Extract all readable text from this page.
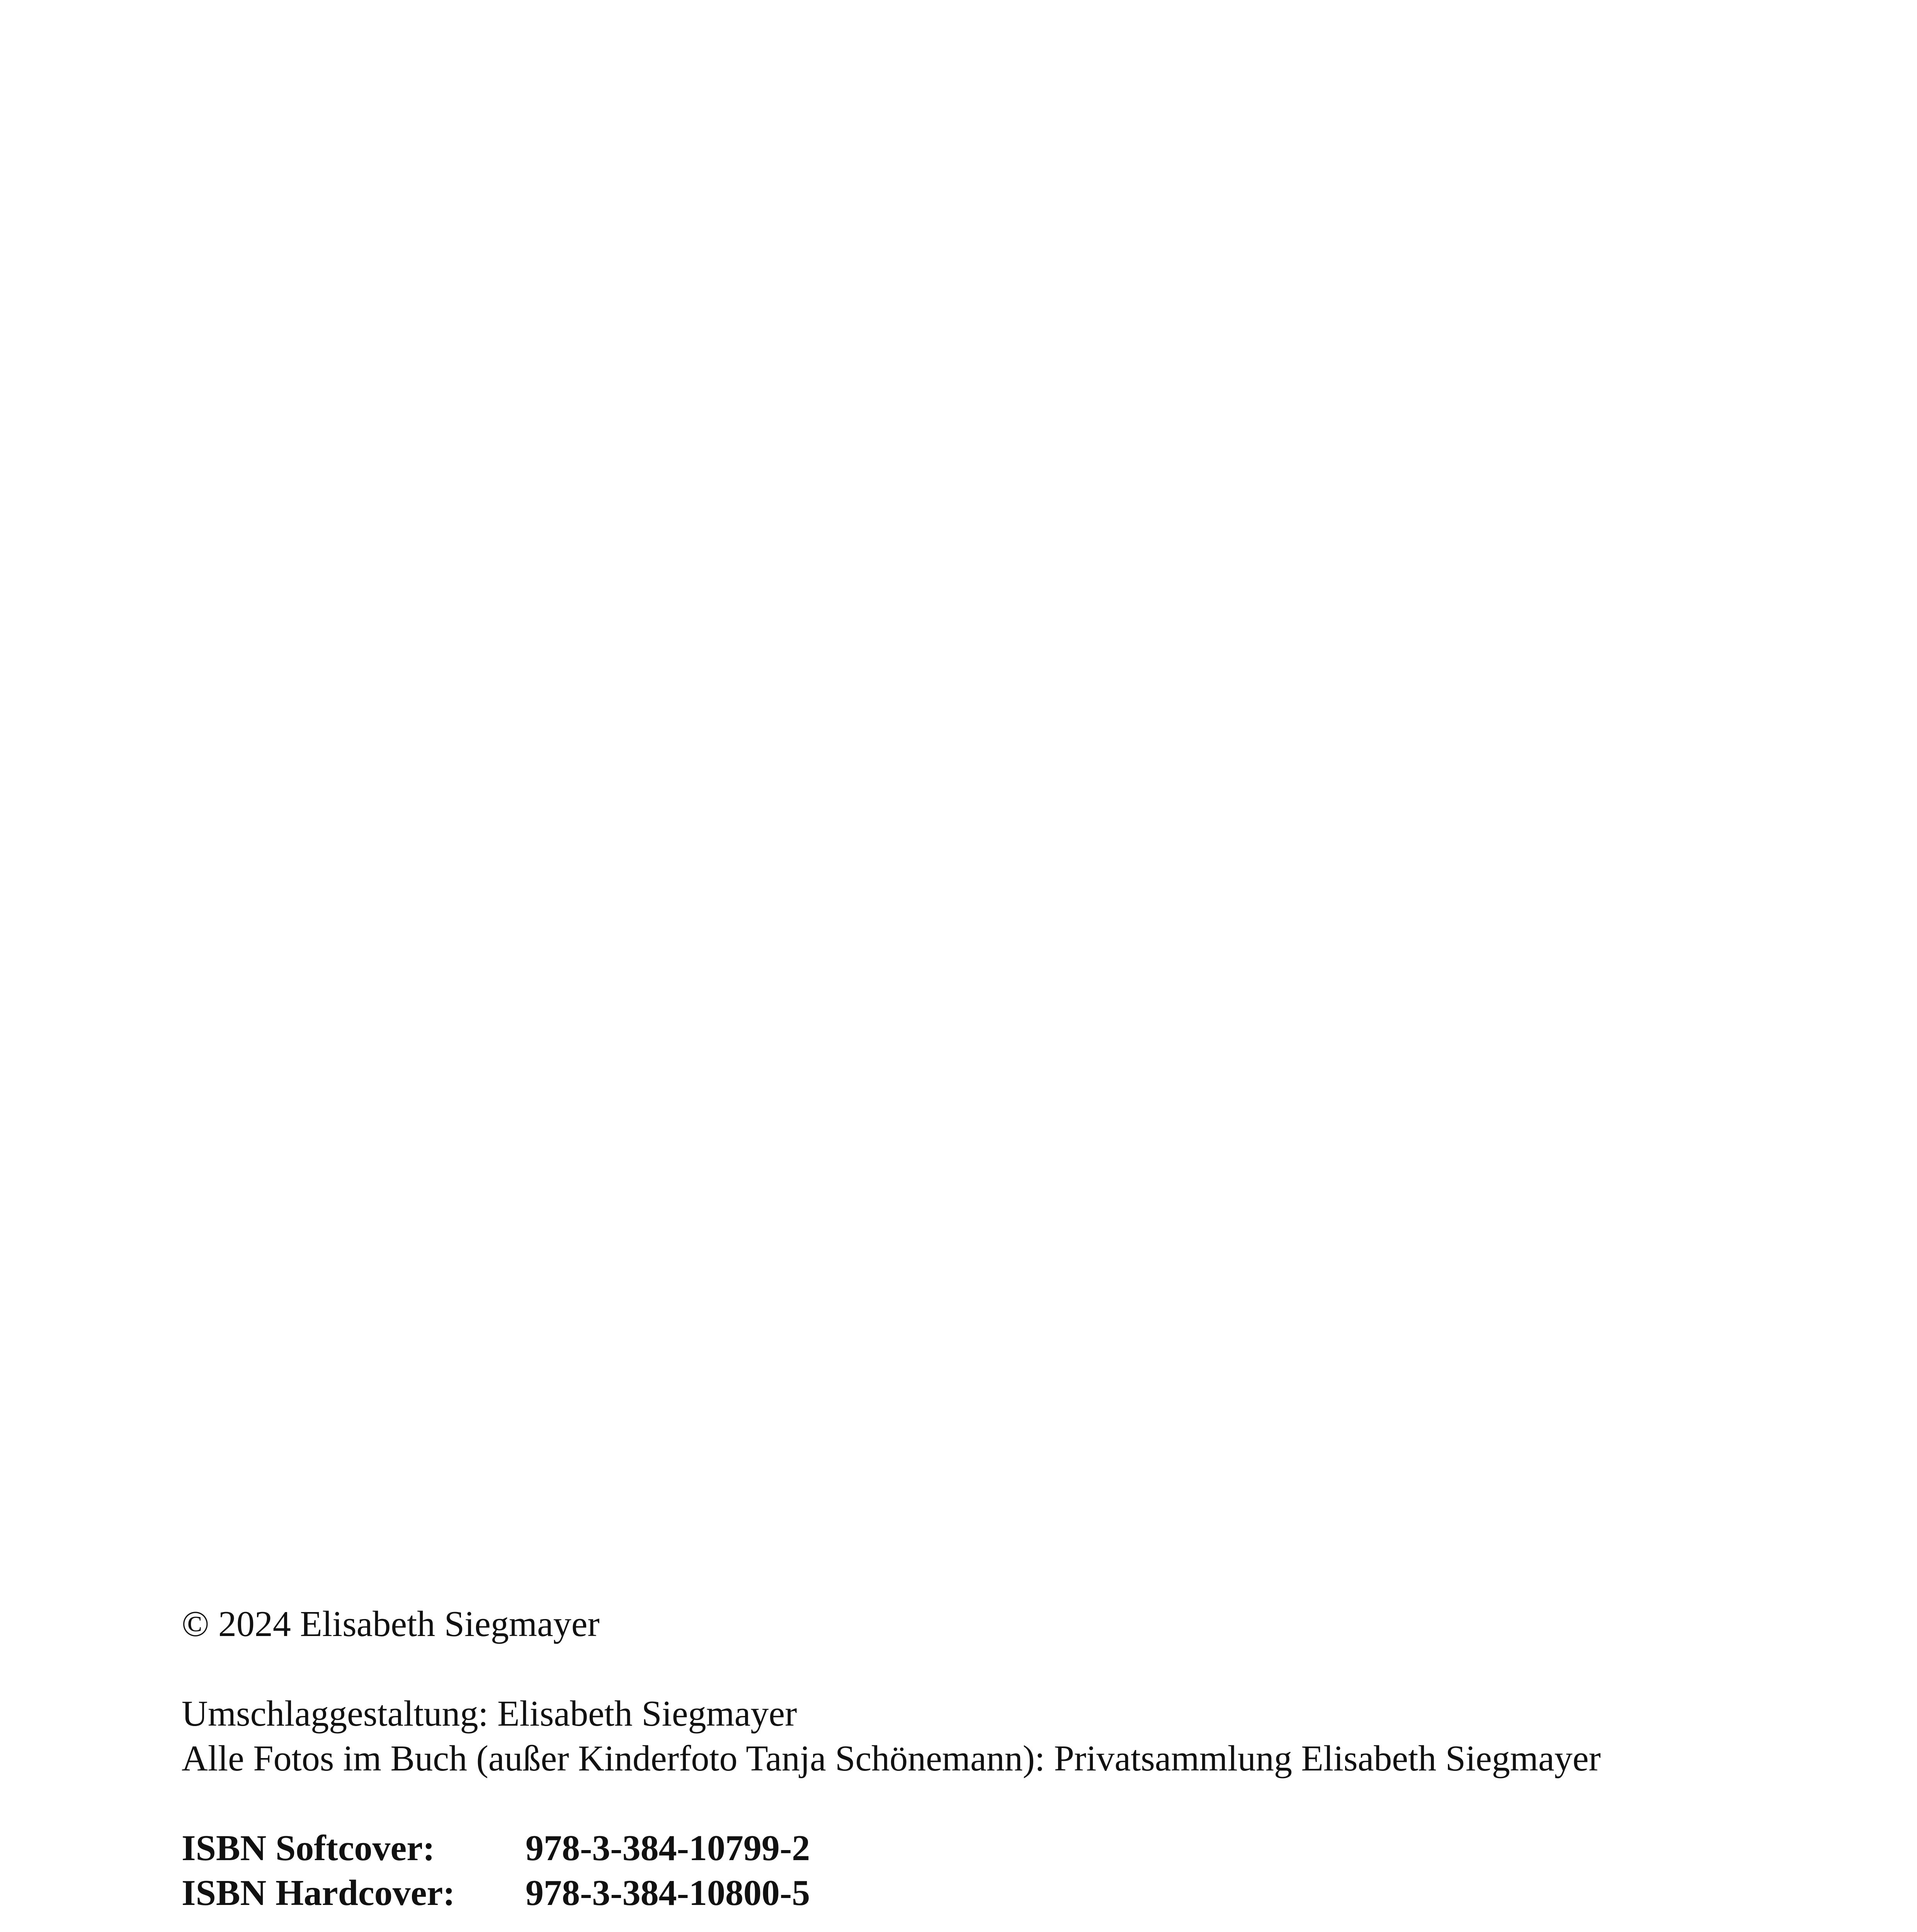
© 2024 Elisabeth Siegmayer

Umschlaggestaltung: Elisabeth Siegmayer
Alle Fotos im Buch (außer Kinderfoto Tanja Schönemann): Privatsammlung Elisabeth Siegmayer

ISBN Softcover:	978-3-384-10799-2
ISBN Hardcover:	978-3-384-10800-5
